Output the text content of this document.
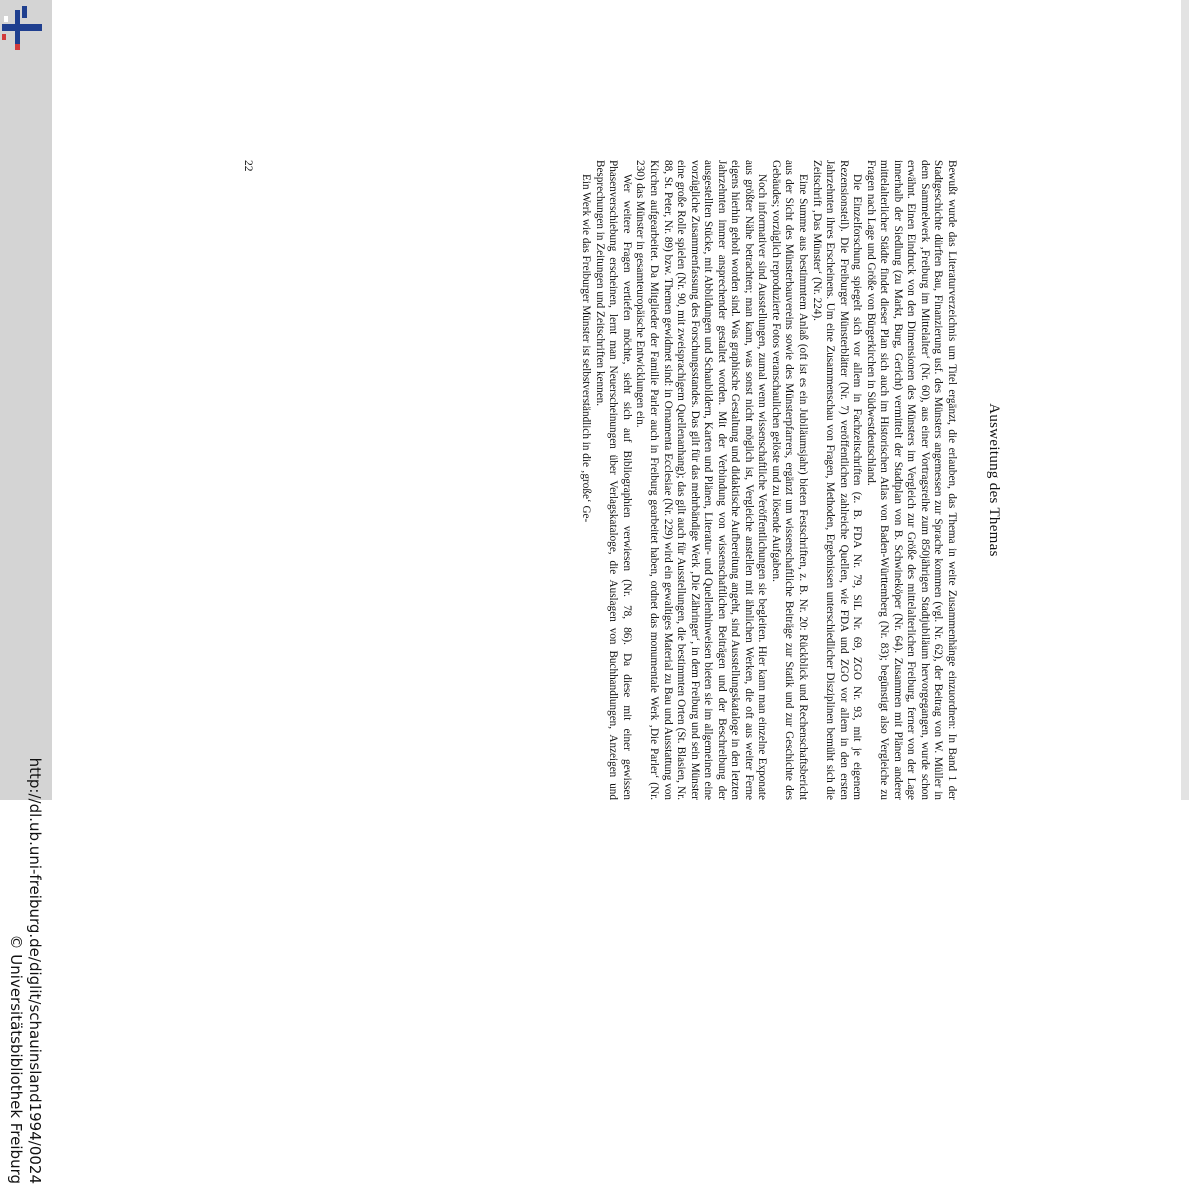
http://dl.ub.uni-freiburg.de/diglit/schauinsland1994/0024
© Universitätsbibliothek Freiburg
Ausweitung des Themas

Bewußt wurde das Literaturverzeichnis um Titel ergänzt, die erlauben, das Thema in weite Zusammenhänge einzuordnen: In Band 1 der Stadtgeschichte dürften Bau, Finanzierung usf. des Münsters angemessen zur Sprache kommen (vgl. Nr. 62), der Beitrag von W. Müller in dem Sammelwerk ‚Freiburg im Mittelalter‘ (Nr. 60), aus einer Vortragsreihe zum 850jährigen Stadtjubiläum hervorgegangen, wurde schon erwähnt. Einen Eindruck von den Dimensionen des Münsters im Vergleich zur Größe des mittelalterlichen Freiburg, ferner von der Lage innerhalb der Siedlung (zu Markt, Burg, Gericht) vermittelt der Stadtplan von B. Schwineköper (Nr. 64). Zusammen mit Plänen anderer mittelalterlicher Städte findet dieser Plan sich auch im Historischen Atlas von Baden-Württemberg (Nr. 83); begünstigt also Vergleiche zu Fragen nach Lage und Größe von Bürgerkirchen in Südwestdeutschland.

Die Einzelforschung spiegelt sich vor allem in Fachzeitschriften (z. B. FDA Nr. 79, SiL Nr. 69, ZGO Nr. 93, mit je eigenem Rezensionsteil). Die Freiburger Münsterblätter (Nr. 7) veröffentlichen zahlreiche Quellen, wie FDA und ZGO vor allem in den ersten Jahrzehnten ihres Erscheinens. Um eine Zusammenschau von Fragen, Methoden, Ergebnissen unterschiedlicher Disziplinen bemüht sich die Zeitschrift ‚Das Münster‘ (Nr. 224).

Eine Summe aus bestimmtem Anlaß (oft ist es ein Jubiläumsjahr) bieten Festschriften, z. B. Nr. 20: Rückblick und Rechenschaftsbericht aus der Sicht des Münsterbauvereins sowie des Münsterpfarrers, ergänzt um wissenschaftliche Beiträge zur Statik und zur Geschichte des Gebäudes; vorzüglich reproduzierte Fotos veranschaulichen gelöste und zu lösende Aufgaben.

Noch informativer sind Ausstellungen, zumal wenn wissenschaftliche Veröffentlichungen sie begleiten. Hier kann man einzelne Exponate aus größter Nähe betrachten; man kann, was sonst nicht möglich ist, Vergleiche anstellen mit ähnlichen Werken, die oft aus weiter Ferne eigens hierhin geholt worden sind. Was graphische Gestaltung und didaktische Aufbereitung angeht, sind Ausstellungskataloge in den letzten Jahrzehnten immer ansprechender gestaltet worden. Mit der Verbindung von wissenschaftlichen Beiträgen und der Beschreibung der ausgestellten Stücke, mit Abbildungen und Schaubildern, Karten und Plänen, Literatur- und Quellenhinweisen bieten sie im allgemeinen eine vorzügliche Zusammenfassung des Forschungsstandes. Das gilt für das mehrbändige Werk ‚Die Zähringer‘, in dem Freiburg und sein Münster eine große Rolle spielen (Nr. 90, mit zweisprachigem Quellenanhang); das gilt auch für Ausstellungen, die bestimmten Orten (St. Blasien, Nr. 88, St. Peter, Nr. 89) bzw. Themen gewidmet sind: in Ornamenta Ecclesiae (Nr. 229) wird ein gewaltiges Material zu Bau und Ausstattung von Kirchen aufgearbeitet. Da Mitglieder der Familie Parler auch in Freiburg gearbeitet haben, ordnet das monumentale Werk ‚Die Parler‘ (Nr. 230) das Münster in gesamteuropäische Entwicklungen ein.

Wer weitere Fragen vertiefen möchte, sieht sich auf Bibliographien verwiesen (Nr. 78, 86). Da diese mit einer gewissen Phasenverschiebung erscheinen, lernt man Neuerscheinungen über Verlagskataloge, die Auslagen von Buchhandlungen, Anzeigen und Besprechungen in Zeitungen und Zeitschriften kennen.

Ein Werk wie das Freiburger Münster ist selbstverständlich in die ‚große‘ Ge-

22
